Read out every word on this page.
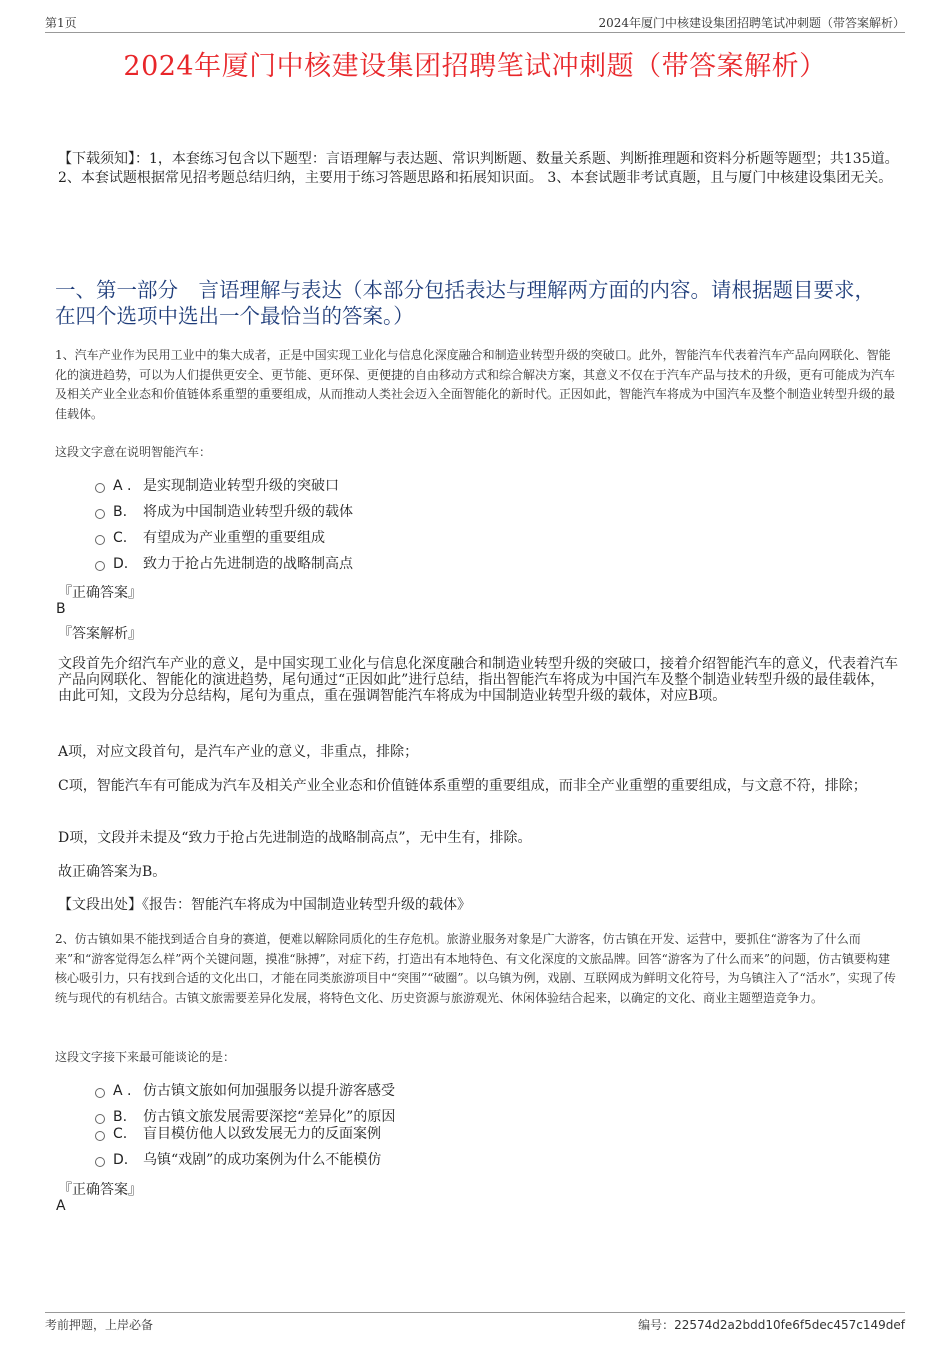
第1页	2024年厦门中核建设集团招聘笔试冲刺题（带答案解析）
2024年厦门中核建设集团招聘笔试冲刺题（带答案解析）
【下载须知】：1，本套练习包含以下题型：言语理解与表达题、常识判断题、数量关系题、判断推理题和资料分析题等题型；共135道。 2、本套试题根据常见招考题总结归纳，主要用于练习答题思路和拓展知识面。 3、本套试题非考试真题，且与厦门中核建设集团无关。
一、第一部分　言语理解与表达（本部分包括表达与理解两方面的内容。请根据题目要求，在四个选项中选出一个最恰当的答案。）
1、汽车产业作为民用工业中的集大成者，正是中国实现工业化与信息化深度融合和制造业转型升级的突破口。此外，智能汽车代表着汽车产品向网联化、智能化的演进趋势，可以为人们提供更安全、更节能、更环保、更便捷的自由移动方式和综合解决方案，其意义不仅在于汽车产品与技术的升级，更有可能成为汽车及相关产业全业态和价值链体系重塑的重要组成，从而推动人类社会迈入全面智能化的新时代。正因如此，智能汽车将成为中国汽车及整个制造业转型升级的最佳载体。
这段文字意在说明智能汽车：
A . 是实现制造业转型升级的突破口
B. 将成为中国制造业转型升级的载体
C. 有望成为产业重塑的重要组成
D. 致力于抢占先进制造的战略制高点
『正确答案』
B
『答案解析』
文段首先介绍汽车产业的意义，是中国实现工业化与信息化深度融合和制造业转型升级的突破口，接着介绍智能汽车的意义，代表着汽车产品向网联化、智能化的演进趋势，尾句通过“正因如此”进行总结，指出智能汽车将成为中国汽车及整个制造业转型升级的最佳载体，由此可知，文段为分总结构，尾句为重点，重在强调智能汽车将成为中国制造业转型升级的载体，对应B项。
A项，对应文段首句，是汽车产业的意义，非重点，排除；
C项，智能汽车有可能成为汽车及相关产业全业态和价值链体系重塑的重要组成，而非全产业重塑的重要组成，与文意不符，排除；
D项，文段并未提及“致力于抢占先进制造的战略制高点”，无中生有，排除。
故正确答案为B。
【文段出处】《报告：智能汽车将成为中国制造业转型升级的载体》
2、仿古镇如果不能找到适合自身的赛道，便难以解除同质化的生存危机。旅游业服务对象是广大游客，仿古镇在开发、运营中，要抓住“游客为了什么而来”和“游客觉得怎么样”两个关键问题，摸准“脉搏”，对症下药，打造出有本地特色、有文化深度的文旅品牌。回答“游客为了什么而来”的问题，仿古镇要构建核心吸引力，只有找到合适的文化出口，才能在同类旅游项目中“突围”“破圈”。以乌镇为例，戏剧、互联网成为鲜明文化符号，为乌镇注入了“活水”，实现了传统与现代的有机结合。古镇文旅需要差异化发展，将特色文化、历史资源与旅游观光、休闲体验结合起来，以确定的文化、商业主题塑造竞争力。
这段文字接下来最可能谈论的是：
A . 仿古镇文旅如何加强服务以提升游客感受
B. 仿古镇文旅发展需要深挖“差异化”的原因
C. 盲目模仿他人以致发展无力的反面案例
D. 乌镇“戏剧”的成功案例为什么不能模仿
『正确答案』
A
考前押题，上岸必备	编号：22574d2a2bdd10fe6f5dec457c149def
